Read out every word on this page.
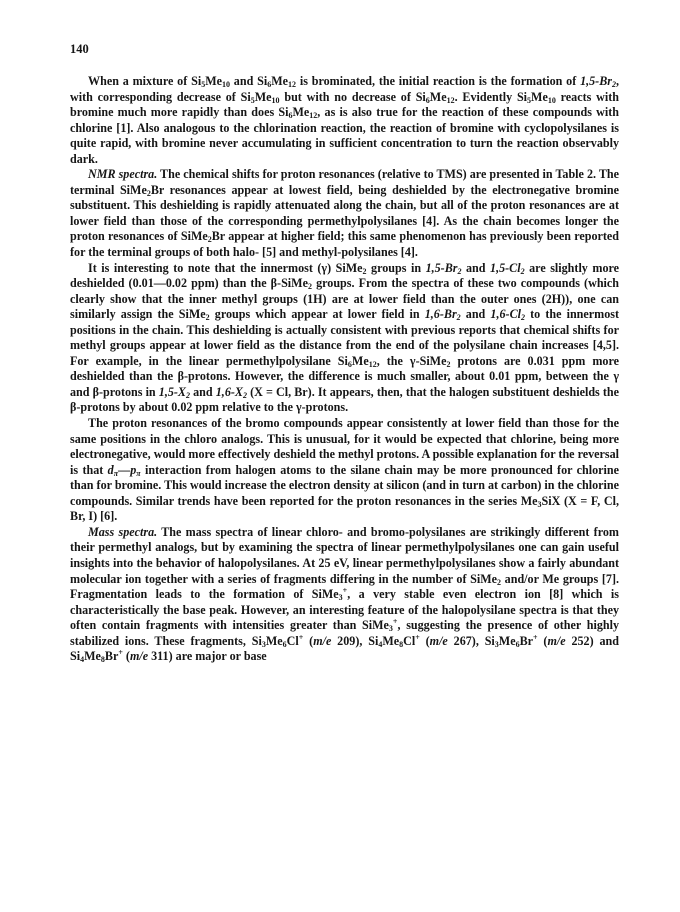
140

When a mixture of $Si_5Me_{10}$ and $Si_6Me_{12}$ is brominated, the initial reaction is the formation of $1,5-Br_2$, with corresponding decrease of $Si_5Me_{10}$ but with no decrease of $Si_6Me_{12}$. Evidently $Si_5Me_{10}$ reacts with bromine much more rapidly than does $Si_6Me_{12}$, as is also true for the reaction of these compounds with chlorine [1]. Also analogous to the chlorination reaction, the reaction of bromine with cyclopolysilanes is quite rapid, with bromine never accumulating in sufficient concentration to turn the reaction observably dark.

NMR spectra. The chemical shifts for proton resonances (relative to TMS) are presented in Table 2. The terminal SiMe$_2$Br resonances appear at lowest field, being deshielded by the electronegative bromine substituent. This deshielding is rapidly attenuated along the chain, but all of the proton resonances are at lower field than those of the corresponding permethylpolysilanes [4]. As the chain becomes longer the proton resonances of SiMe$_2$Br appear at higher field; this same phenomenon has previously been reported for the terminal groups of both halo- [5] and methyl-polysilanes [4].

It is interesting to note that the innermost (γ) SiMe$_2$ groups in $1,5-Br_2$ and $1,5-Cl_2$ are slightly more deshielded (0.01—0.02 ppm) than the β-SiMe$_2$ groups. From the spectra of these two compounds (which clearly show that the inner methyl groups (1H) are at lower field than the outer ones (2H)), one can similarly assign the SiMe$_2$ groups which appear at lower field in $1,6-Br_2$ and $1,6-Cl_2$ to the innermost positions in the chain. This deshielding is actually consistent with previous reports that chemical shifts for methyl groups appear at lower field as the distance from the end of the polysilane chain increases [4,5]. For example, in the linear permethylpolysilane $Si_6Me_{12}$, the γ-SiMe$_2$ protons are 0.031 ppm more deshielded than the β-protons. However, the difference is much smaller, about 0.01 ppm, between the γ and β-protons in $1,5-X_2$ and $1,6-X_2$ (X = Cl, Br). It appears, then, that the halogen substituent deshields the β-protons by about 0.02 ppm relative to the γ-protons.

The proton resonances of the bromo compounds appear consistently at lower field than those for the same positions in the chloro analogs. This is unusual, for it would be expected that chlorine, being more electronegative, would more effectively deshield the methyl protons. A possible explanation for the reversal is that $d_\pi—p_\pi$ interaction from halogen atoms to the silane chain may be more pronounced for chlorine than for bromine. This would increase the electron density at silicon (and in turn at carbon) in the chlorine compounds. Similar trends have been reported for the proton resonances in the series $Me_3SiX$ (X = F, Cl, Br, I) [6].

Mass spectra. The mass spectra of linear chloro- and bromo-polysilanes are strikingly different from their permethyl analogs, but by examining the spectra of linear permethylpolysilanes one can gain useful insights into the behavior of halopolysilanes. At 25 eV, linear permethylpolysilanes show a fairly abundant molecular ion together with a series of fragments differing in the number of SiMe$_2$ and/or Me groups [7]. Fragmentation leads to the formation of SiMe$_3$+, a very stable even electron ion [8] which is characteristically the base peak. However, an interesting feature of the halopolysilane spectra is that they often contain fragments with intensities greater than SiMe$_3$+, suggesting the presence of other highly stabilized ions. These fragments, $Si_3Me_6Cl^+$ (m/e 209), $Si_4Me_8Cl^+$ (m/e 267), $Si_3Me_6Br^+$ (m/e 252) and $Si_4Me_8Br^+$ (m/e 311) are major or base
